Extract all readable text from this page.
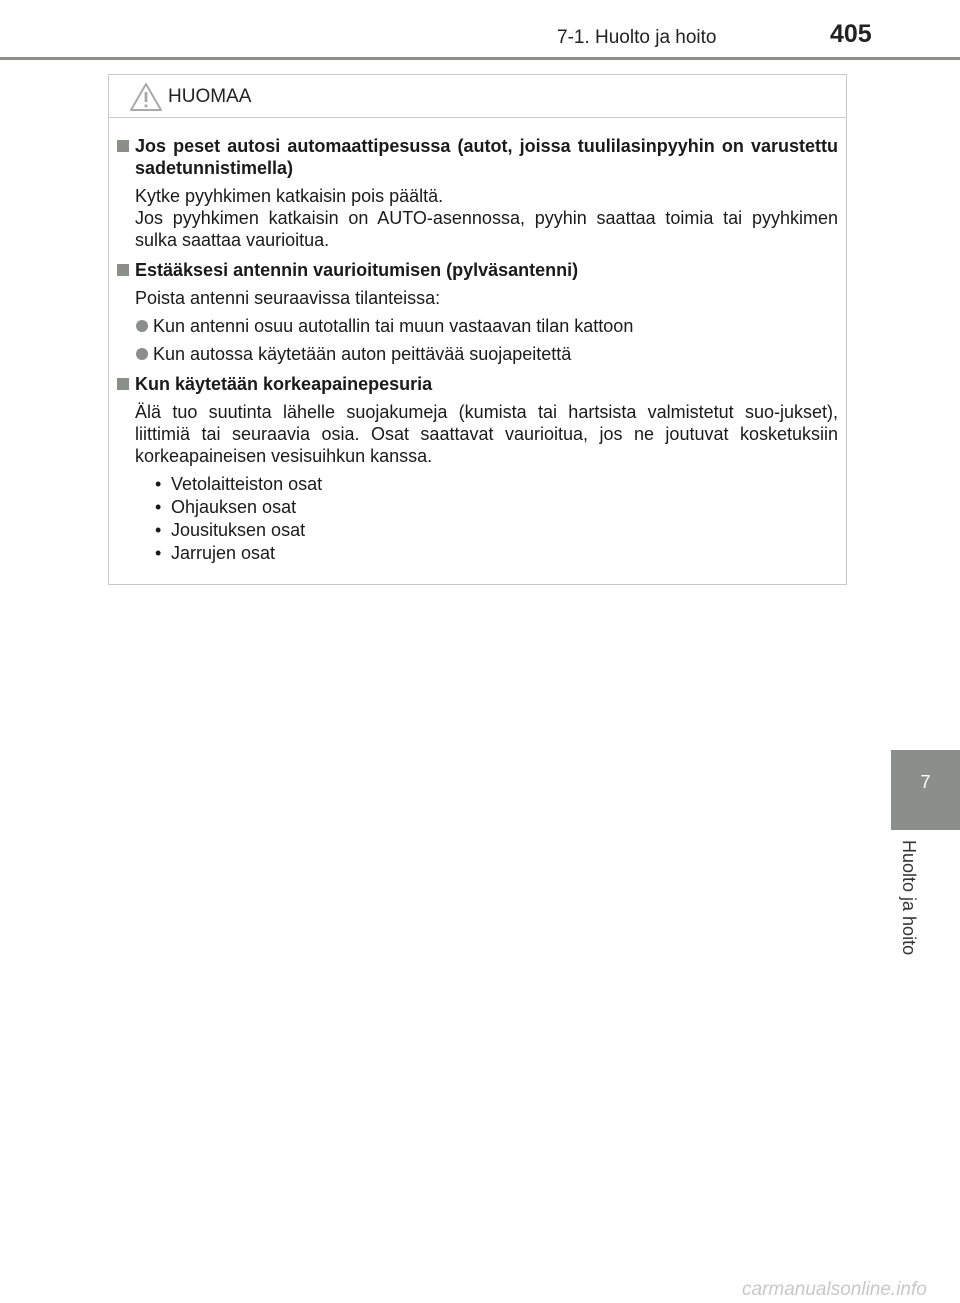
7-1. Huolto ja hoito	405
HUOMAA
Jos peset autosi automaattipesussa (autot, joissa tuulilasinpyyhin on varustettu sadetunnistimella)
Kytke pyyhkimen katkaisin pois päältä.
Jos pyyhkimen katkaisin on AUTO-asennossa, pyyhin saattaa toimia tai pyyhkimen sulka saattaa vaurioitua.
Estääksesi antennin vaurioitumisen (pylväsantenni)
Poista antenni seuraavissa tilanteissa:
Kun antenni osuu autotallin tai muun vastaavan tilan kattoon
Kun autossa käytetään auton peittävää suojapeitettä
Kun käytetään korkeapainepesuria
Älä tuo suutinta lähelle suojakumeja (kumista tai hartsista valmistetut suo-jukset), liittimiä tai seuraavia osia. Osat saattavat vaurioitua, jos ne joutuvat kosketuksiin korkeapaineisen vesisuihkun kanssa.
• Vetolaitteiston osat
• Ohjauksen osat
• Jousituksen osat
• Jarrujen osat
7
Huolto ja hoito
carmanualsonline.info
